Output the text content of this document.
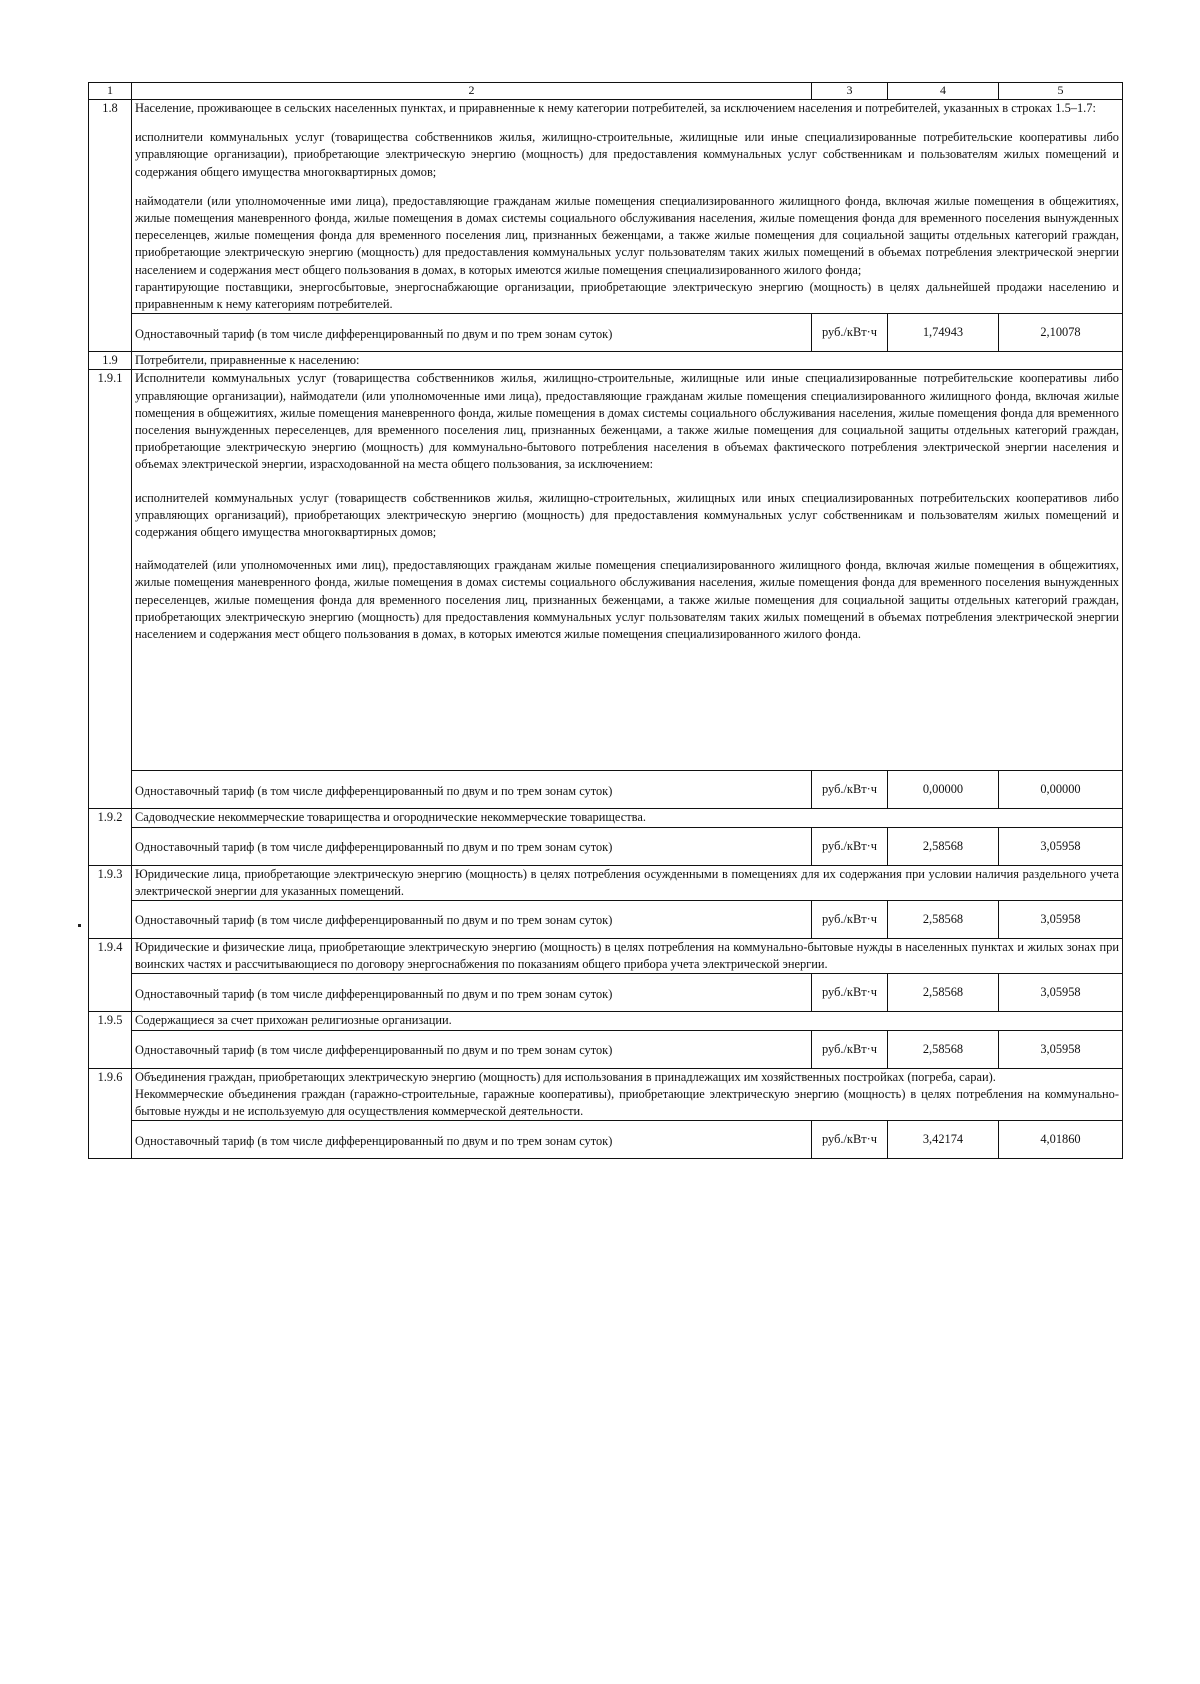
1	2	3	4	5
1.8	Население, проживающее в сельских населенных пунктах, и приравненные к нему категории потребителей, за исключением населения и потребителей, указанных в строках 1.5–1.7:

исполнители коммунальных услуг (товарищества собственников жилья, жилищно-строительные, жилищные или иные специализированные потребительские кооперативы либо управляющие организации), приобретающие электрическую энергию (мощность) для предоставления коммунальных услуг собственникам и пользователям жилых помещений и содержания общего имущества многоквартирных домов;

наймодатели (или уполномоченные ими лица), предоставляющие гражданам жилые помещения специализированного жилищного фонда, включая жилые помещения в общежитиях, жилые помещения маневренного фонда, жилые помещения в домах системы социального обслуживания населения, жилые помещения фонда для временного поселения вынужденных переселенцев, жилые помещения фонда для временного поселения лиц, признанных беженцами, а также жилые помещения для социальной защиты отдельных категорий граждан, приобретающие электрическую энергию (мощность) для предоставления коммунальных услуг пользователям таких жилых помещений в объемах потребления электрической энергии населением и содержания мест общего пользования в домах, в которых имеются жилые помещения специализированного жилого фонда;

гарантирующие поставщики, энергосбытовые, энергоснабжающие организации, приобретающие электрическую энергию (мощность) в целях дальнейшей продажи населению и приравненным к нему категориям потребителей.			

	Одноставочный тариф (в том числе дифференцированный по двум и по трем зонам суток)	руб./кВт·ч	1,74943	2,10078
1.9	Потребители, приравненные к населению:			

1.9.1	Исполнители коммунальных услуг (товарищества собственников жилья, жилищно-строительные, жилищные или иные специализированные потребительские кооперативы либо управляющие организации), наймодатели (или уполномоченные ими лица), предоставляющие гражданам жилые помещения специализированного жилищного фонда, включая жилые помещения в общежитиях, жилые помещения маневренного фонда, жилые помещения в домах системы социального обслуживания населения, жилые помещения фонда для временного поселения вынужденных переселенцев, для временного поселения лиц, признанных беженцами, а также жилые помещения для социальной защиты отдельных категорий граждан, приобретающие электрическую энергию (мощность) для коммунально-бытового потребления населения в объемах фактического потребления электрической энергии населения и объемах электрической энергии, израсходованной на места общего пользования, за исключением:

исполнителей коммунальных услуг (товариществ собственников жилья, жилищно-строительных, жилищных или иных специализированных потребительских кооперативов либо управляющих организаций), приобретающих электрическую энергию (мощность) для предоставления коммунальных услуг собственникам и пользователям жилых помещений и содержания общего имущества многоквартирных домов;

наймодателей (или уполномоченных ими лиц), предоставляющих гражданам жилые помещения специализированного жилищного фонда, включая жилые помещения в общежитиях, жилые помещения маневренного фонда, жилые помещения в домах системы социального обслуживания населения, жилые помещения фонда для временного поселения вынужденных переселенцев, жилые помещения фонда для временного поселения лиц, признанных беженцами, а также жилые помещения для социальной защиты отдельных категорий граждан, приобретающих электрическую энергию (мощность) для предоставления коммунальных услуг пользователям таких жилых помещений в объемах потребления электрической энергии населением и содержания мест общего пользования в домах, в которых имеются жилые помещения специализированного жилого фонда.			

	Одноставочный тариф (в том числе дифференцированный по двум и по трем зонам суток)	руб./кВт·ч	0,00000	0,00000
1.9.2	Садоводческие некоммерческие товарищества и огороднические некоммерческие товарищества.			

	Одноставочный тариф (в том числе дифференцированный по двум и по трем зонам суток)	руб./кВт·ч	2,58568	3,05958
1.9.3	Юридические лица, приобретающие электрическую энергию (мощность) в целях потребления осужденными в помещениях для их содержания при условии наличия раздельного учета электрической энергии для указанных помещений.			

	Одноставочный тариф (в том числе дифференцированный по двум и по трем зонам суток)	руб./кВт·ч	2,58568	3,05958
1.9.4	Юридические и физические лица, приобретающие электрическую энергию (мощность) в целях потребления на коммунально-бытовые нужды в населенных пунктах и жилых зонах при воинских частях и рассчитывающиеся по договору энергоснабжения по показаниям общего прибора учета электрической энергии.			

	Одноставочный тариф (в том числе дифференцированный по двум и по трем зонам суток)	руб./кВт·ч	2,58568	3,05958
1.9.5	Содержащиеся за счет прихожан религиозные организации.			

	Одноставочный тариф (в том числе дифференцированный по двум и по трем зонам суток)	руб./кВт·ч	2,58568	3,05958
1.9.6	Объединения граждан, приобретающих электрическую энергию (мощность) для использования в принадлежащих им хозяйственных постройках (погреба, сараи).

Некоммерческие объединения граждан (гаражно-строительные, гаражные кооперативы), приобретающие электрическую энергию (мощность) в целях потребления на коммунально-бытовые нужды и не используемую для осуществления коммерческой деятельности.			

	Одноставочный тариф (в том числе дифференцированный по двум и по трем зонам суток)	руб./кВт·ч	3,42174	4,01860
